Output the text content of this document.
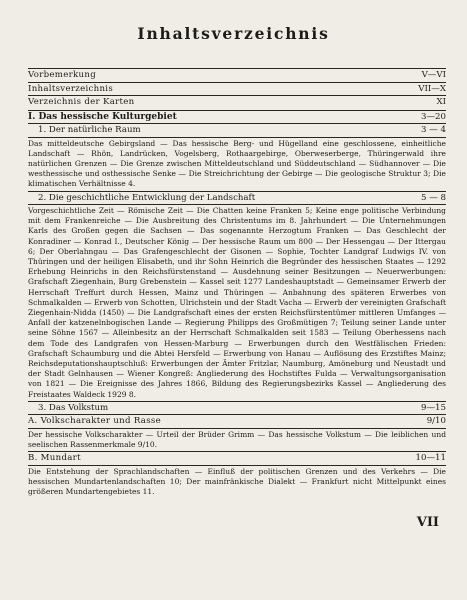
Inhaltsverzeichnis
Vorbemerkung	V—VI
Inhaltsverzeichnis	VII—X
Verzeichnis der Karten	XI
I. Das hessische Kulturgebiet	3—20
1. Der natürliche Raum	3 — 4

Das mitteldeutsche Gebirgsland — Das hessische Berg- und Hügelland eine geschlossene, einheitliche Landschaft — Rhön, Landrücken, Vogelsberg, Rothaargebirge, Oberweserberge, Thüringerwald ihre natürlichen Grenzen — Die Grenze zwischen Mitteldeutschland und Süddeutschland — Südhannover — Die westhessische und osthessische Senke — Die Streichrichtung der Gebirge — Die geologische Struktur 3; Die klimatischen Verhältnisse 4.

2. Die geschichtliche Entwicklung der Landschaft	5 — 8

Vorgeschichtliche Zeit — Römische Zeit — Die Chatten keine Franken 5; Keine enge politische Verbindung mit dem Frankenreiche — Die Ausbreitung des Christentums im 8. Jahrhundert — Die Unternehmungen Karls des Großen gegen die Sachsen — Das sogenannte Herzogtum Franken — Das Geschlecht der Konradiner — Konrad I., Deutscher König — Der hessische Raum um 800 — Der Hessengau — Der Ittergau 6; Der Oberlahngau — Das Grafengeschlecht der Gisonen — Sophie, Tochter Landgraf Ludwigs IV. von Thüringen und der heiligen Elisabeth, und ihr Sohn Heinrich die Begründer des hessischen Staates — 1292 Erhebung Heinrichs in den Reichsfürstenstand — Ausdehnung seiner Besitzungen — Neuerwerbungen: Grafschaft Ziegenhain, Burg Grebenstein — Kassel seit 1277 Landeshauptstadt — Gemeinsamer Erwerb der Herrschaft Treffurt durch Hessen, Mainz und Thüringen — Anbahnung des späteren Erwerbes von Schmalkalden — Erwerb von Schotten, Ulrichstein und der Stadt Vacha — Erwerb der vereinigten Grafschaft Ziegenhain-Nidda (1450) — Die Landgrafschaft eines der ersten Reichsfürstentümer mittleren Umfanges — Anfall der katzenelnbogischen Lande — Regierung Philipps des Großmütigen 7; Teilung seiner Lande unter seine Söhne 1567 — Alleinbesitz an der Herrschaft Schmalkalden seit 1583 — Teilung Oberhessens nach dem Tode des Landgrafen von Hessen-Marburg — Erwerbungen durch den Westfälischen Frieden: Grafschaft Schaumburg und die Abtei Hersfeld — Erwerbung von Hanau — Auflösung des Erzstiftes Mainz; Reichsdeputationshauptschluß: Erwerbungen der Ämter Fritzlar, Naumburg, Amöneburg und Neustadt und der Stadt Gelnhausen — Wiener Kongreß: Angliederung des Hochstiftes Fulda — Verwaltungsorganisation von 1821 — Die Ereignisse des Jahres 1866, Bildung des Regierungsbezirks Kassel — Angliederung des Freistaates Waldeck 1929 8.

3. Das Volkstum	9—15
A. Volkscharakter und Rasse	9/10

Der hessische Volkscharakter — Urteil der Brüder Grimm — Das hessische Volkstum — Die leiblichen und seelischen Rassenmerkmale 9/10.

B. Mundart	10—11

Die Entstehung der Sprachlandschaften — Einfluß der politischen Grenzen und des Verkehrs — Die hessischen Mundartenlandschaften 10; Der mainfränkische Dialekt — Frankfurt nicht Mittelpunkt eines größeren Mundartengebietes 11.

VII
